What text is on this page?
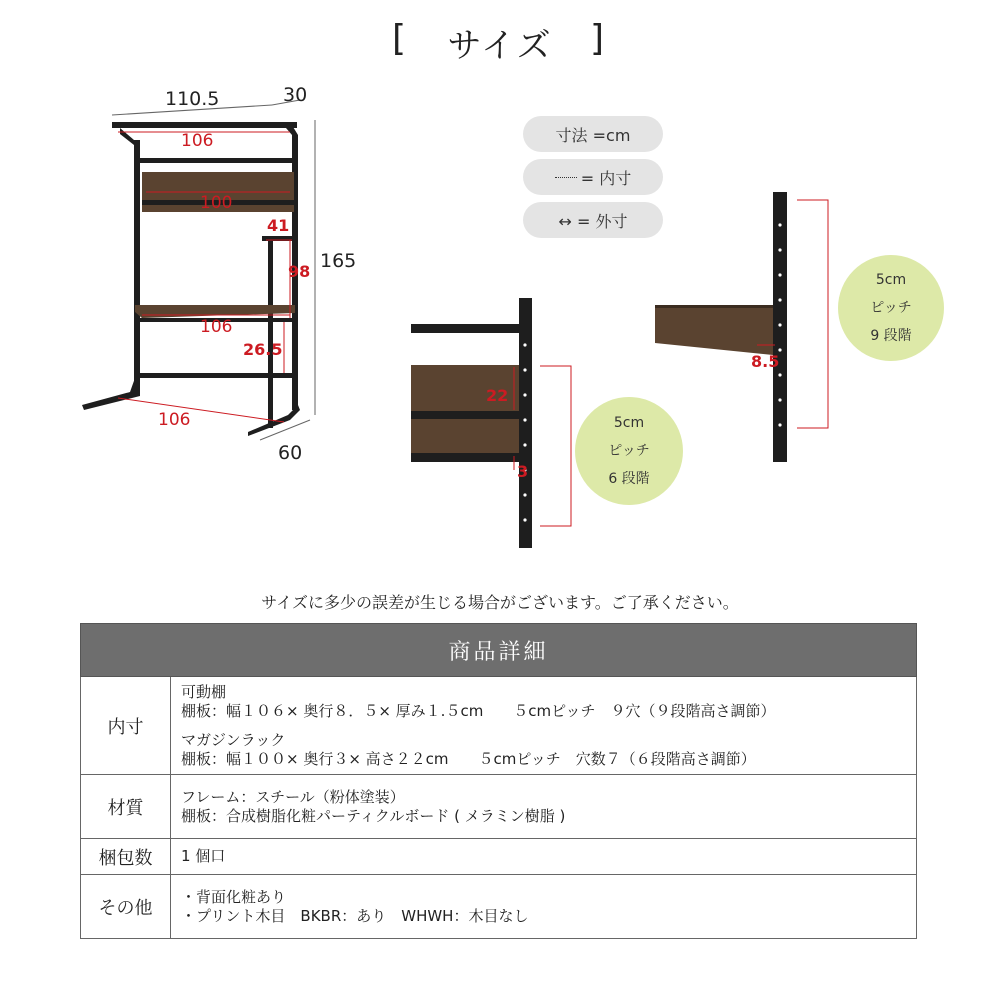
[ サイズ ]
110.5	30
165
60
106
100
41
98
106
26.5
106
寸法 =cm
= 内寸
↔ = 外寸
22
3
5cm
ピッチ
6 段階
8.5
5cm
ピッチ
9 段階
サイズに多少の誤差が生じる場合がございます。ご了承ください。
商品詳細	
内寸	可動棚
棚板：幅１０６× 奥行８．５× 厚み１.５cm　　５cmピッチ　９穴（９段階高さ調節）
マガジンラック
棚板：幅１００× 奥行３× 高さ２２cm　　５cmピッチ　穴数７（６段階高さ調節）

材質	フレーム：スチール（粉体塗装）
棚板：合成樹脂化粧パーティクルボード ( メラミン樹脂 )

梱包数	1 個口

その他	・背面化粧あり
・プリント木目　BKBR：あり　WHWH：木目なし
